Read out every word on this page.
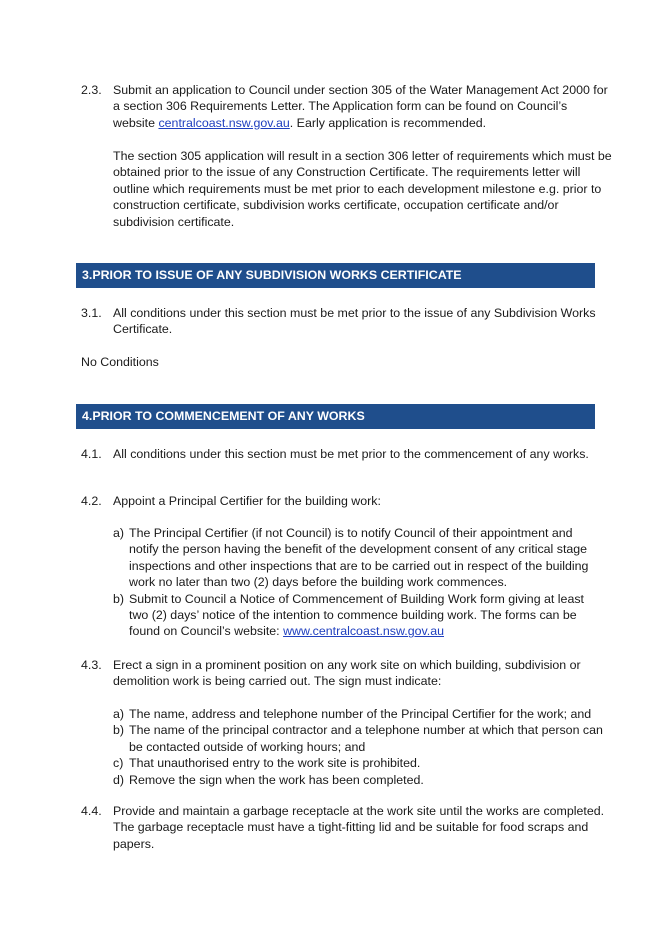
2.3. Submit an application to Council under section 305 of the Water Management Act 2000 for a section 306 Requirements Letter. The Application form can be found on Council’s website centralcoast.nsw.gov.au. Early application is recommended.
The section 305 application will result in a section 306 letter of requirements which must be obtained prior to the issue of any Construction Certificate. The requirements letter will outline which requirements must be met prior to each development milestone e.g. prior to construction certificate, subdivision works certificate, occupation certificate and/or subdivision certificate.
3.PRIOR TO ISSUE OF ANY SUBDIVISION WORKS CERTIFICATE
3.1. All conditions under this section must be met prior to the issue of any Subdivision Works Certificate.
No Conditions
4.PRIOR TO COMMENCEMENT OF ANY WORKS
4.1. All conditions under this section must be met prior to the commencement of any works.
4.2. Appoint a Principal Certifier for the building work:
a) The Principal Certifier (if not Council) is to notify Council of their appointment and notify the person having the benefit of the development consent of any critical stage inspections and other inspections that are to be carried out in respect of the building work no later than two (2) days before the building work commences.
b) Submit to Council a Notice of Commencement of Building Work form giving at least two (2) days’ notice of the intention to commence building work. The forms can be found on Council’s website: www.centralcoast.nsw.gov.au
4.3. Erect a sign in a prominent position on any work site on which building, subdivision or demolition work is being carried out. The sign must indicate:
a) The name, address and telephone number of the Principal Certifier for the work; and
b) The name of the principal contractor and a telephone number at which that person can be contacted outside of working hours; and
c) That unauthorised entry to the work site is prohibited.
d) Remove the sign when the work has been completed.
4.4. Provide and maintain a garbage receptacle at the work site until the works are completed. The garbage receptacle must have a tight-fitting lid and be suitable for food scraps and papers.
